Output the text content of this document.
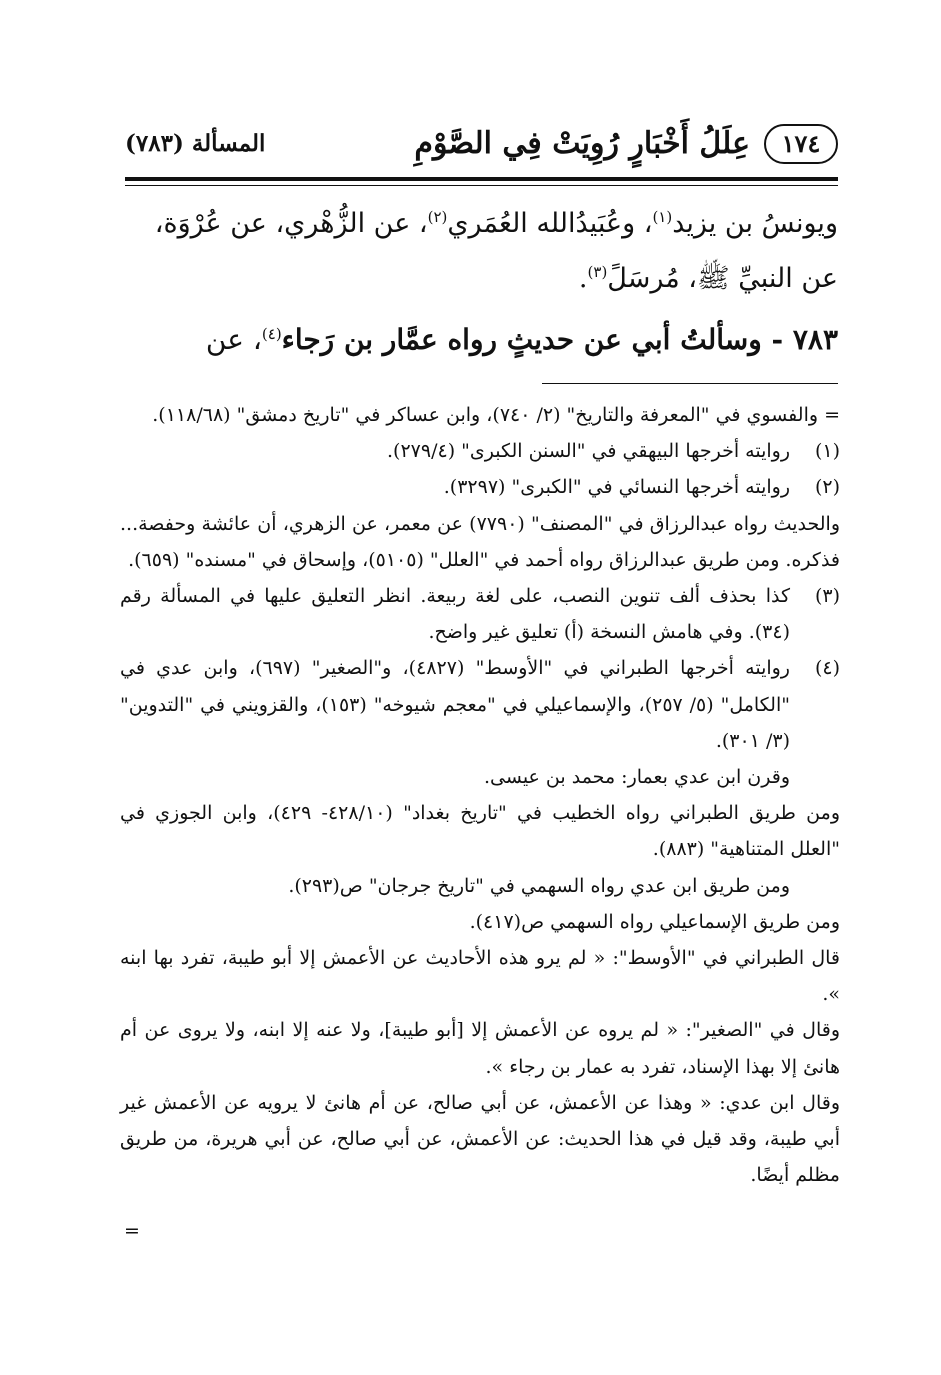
١٧٤
عِلَلُ أَخْبَارٍ رُوِيَتْ فِي الصَّوْمِ
المسألة (٧٨٣)

ويونسُ بن يزيد$^{(١)}$، وعُبَيدُالله العُمَري$^{(٢)}$، عن الزُّهْري، عن عُرْوَة،

عن النبيِّ ﷺ، مُرسَلً$^{(٣)}$.

٧٨٣ - وسألتُ أبي عن حديثٍ رواه عمَّار بن رَجاء$^{(٤)}$، عن

= والفسوي في "المعرفة والتاريخ" (٢/ ٧٤٠)، وابن عساكر في "تاريخ دمشق" (١١٨/٦٨).

(١)
روايته أخرجها البيهقي في "السنن الكبرى" (٢٧٩/٤).

(٢)
روايته أخرجها النسائي في "الكبرى" (٣٢٩٧).

والحديث رواه عبدالرزاق في "المصنف" (٧٧٩٠) عن معمر، عن الزهري، أن عائشة وحفصة... فذكره. ومن طريق عبدالرزاق رواه أحمد في "العلل" (٥١٠٥)، وإسحاق في "مسنده" (٦٥٩).

(٣)
كذا بحذف ألف تنوين النصب، على لغة ربيعة. انظر التعليق عليها في المسألة رقم (٣٤). وفي هامش النسخة (أ) تعليق غير واضح.

(٤)
روايته أخرجها الطبراني في "الأوسط" (٤٨٢٧)، و"الصغير" (٦٩٧)، وابن عدي في "الكامل" (٥/ ٢٥٧)، والإسماعيلي في "معجم شيوخه" (١٥٣)، والقزويني في "التدوين" (٣/ ٣٠١).

وقرن ابن عدي بعمار: محمد بن عيسى.

ومن طريق الطبراني رواه الخطيب في "تاريخ بغداد" (٤٢٨/١٠- ٤٢٩)، وابن الجوزي في "العلل المتناهية" (٨٨٣).

ومن طريق ابن عدي رواه السهمي في "تاريخ جرجان" ص(٢٩٣).

ومن طريق الإسماعيلي رواه السهمي ص(٤١٧).

قال الطبراني في "الأوسط": « لم يرو هذه الأحاديث عن الأعمش إلا أبو طيبة، تفرد بها ابنه ».

وقال في "الصغير": « لم يروه عن الأعمش إلا [أبو طيبة]، ولا عنه إلا ابنه، ولا يروى عن أم هانئ إلا بهذا الإسناد، تفرد به عمار بن رجاء ».

وقال ابن عدي: « وهذا عن الأعمش، عن أبي صالح، عن أم هانئ لا يرويه عن الأعمش غير أبي طيبة، وقد قيل في هذا الحديث: عن الأعمش، عن أبي صالح، عن أبي هريرة، من طريق مظلم أيضًا.

=
